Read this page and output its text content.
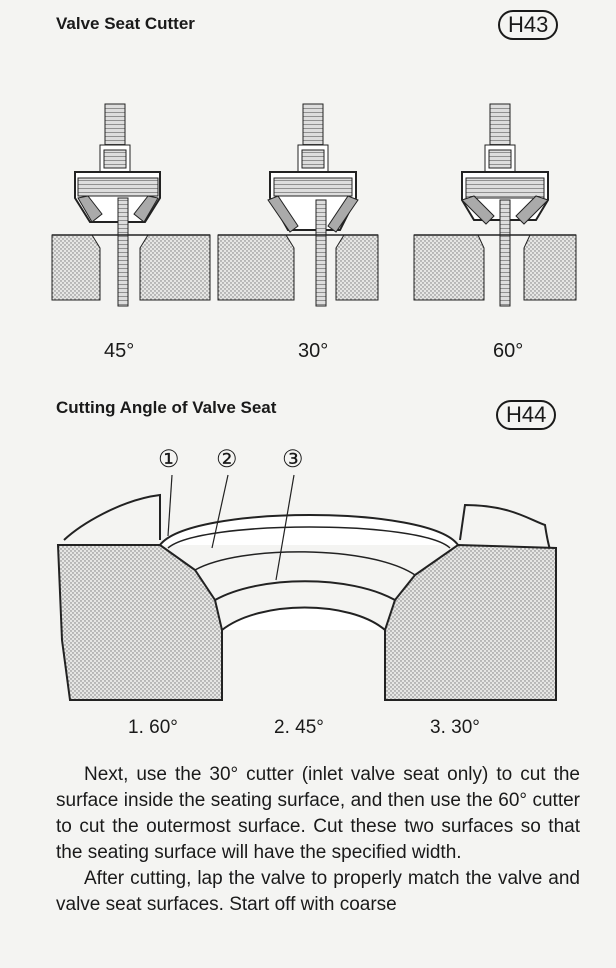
Valve Seat Cutter	H43
45°	30°	60°
Cutting Angle of Valve Seat	H44
① ② ③
1. 60°	2. 45°	3. 30°

Next, use the 30° cutter (inlet valve seat only) to cut the surface inside the seating surface, and then use the 60° cutter to cut the outermost surface. Cut these two surfaces so that the seating surface will have the specified width.

After cutting, lap the valve to properly match the valve and valve seat surfaces. Start off with coarse
